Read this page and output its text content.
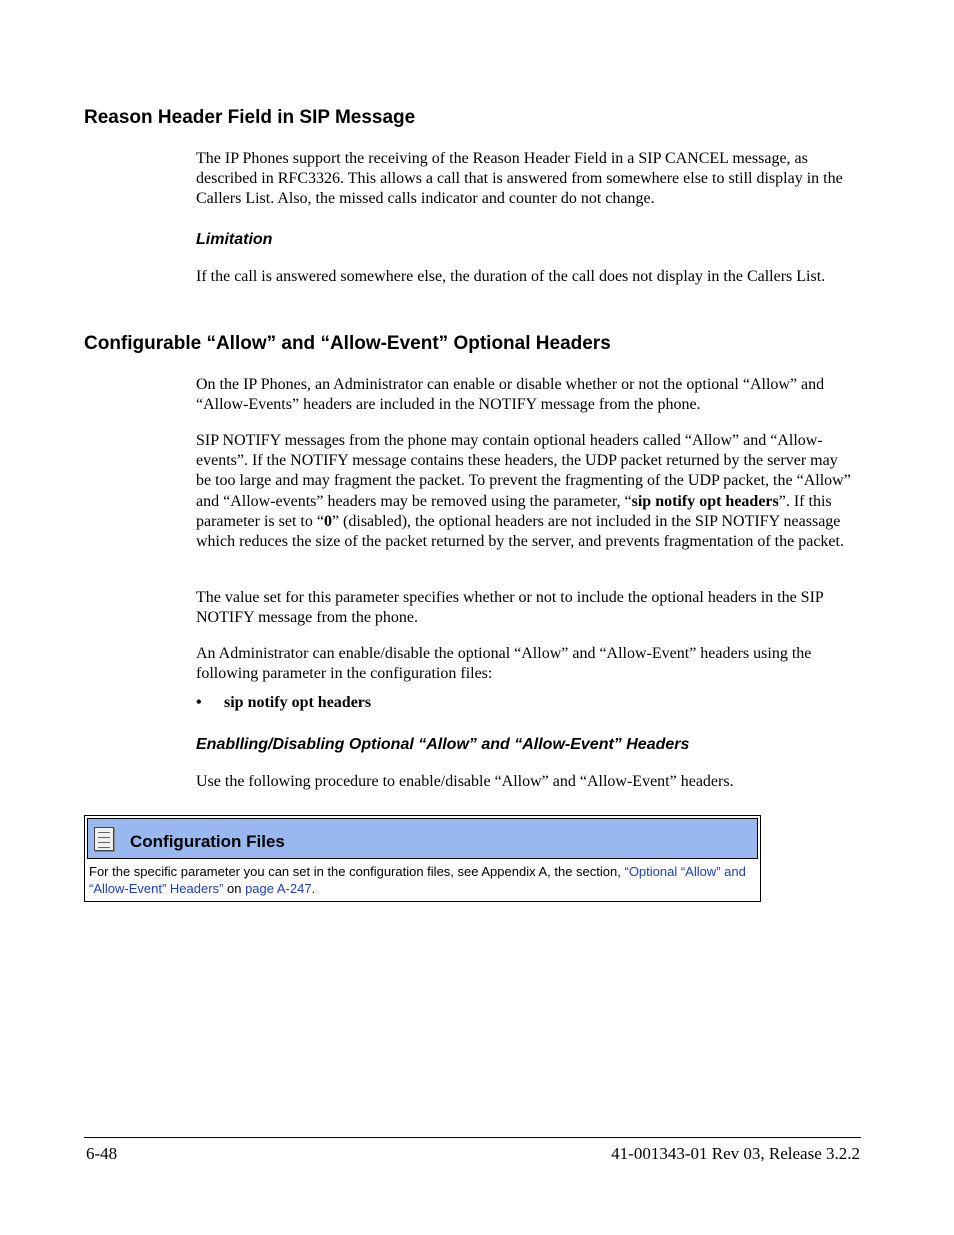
Reason Header Field in SIP Message

The IP Phones support the receiving of the Reason Header Field in a SIP CANCEL message, as described in RFC3326. This allows a call that is answered from somewhere else to still display in the Callers List. Also, the missed calls indicator and counter do not change.

Limitation

If the call is answered somewhere else, the duration of the call does not display in the Callers List.

Configurable “Allow” and “Allow-Event” Optional Headers

On the IP Phones, an Administrator can enable or disable whether or not the optional “Allow” and “Allow-Events” headers are included in the NOTIFY message from the phone.

SIP NOTIFY messages from the phone may contain optional headers called “Allow” and “Allow-events”. If the NOTIFY message contains these headers, the UDP packet returned by the server may be too large and may fragment the packet. To prevent the fragmenting of the UDP packet, the “Allow” and “Allow-events” headers may be removed using the parameter, “sip notify opt headers”. If this parameter is set to “0” (disabled), the optional headers are not included in the SIP NOTIFY neassage which reduces the size of the packet returned by the server, and prevents fragmentation of the packet.

The value set for this parameter specifies whether or not to include the optional headers in the SIP NOTIFY message from the phone.

An Administrator can enable/disable the optional “Allow” and “Allow-Event” headers using the following parameter in the configuration files:

• sip notify opt headers

Enablling/Disabling Optional “Allow” and “Allow-Event” Headers

Use the following procedure to enable/disable “Allow” and “Allow-Event” headers.

Configuration Files
For the specific parameter you can set in the configuration files, see Appendix A, the section, “Optional “Allow” and “Allow-Event” Headers” on page A-247.
6-48	41-001343-01 Rev 03, Release 3.2.2
